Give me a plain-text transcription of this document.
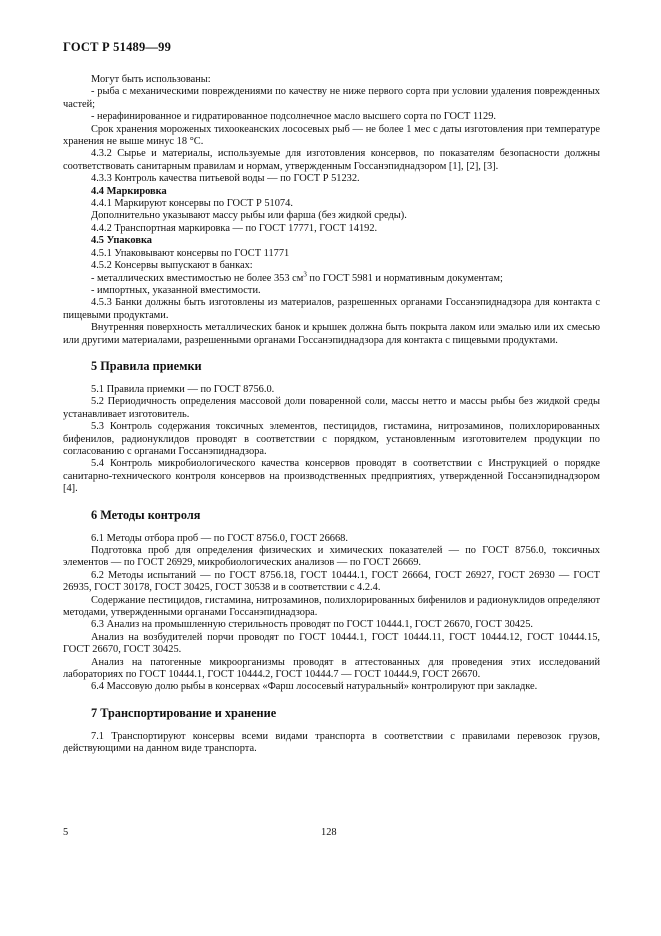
ГОСТ Р 51489—99

Могут быть использованы:

- рыба с механическими повреждениями по качеству не ниже первого сорта при условии удаления поврежденных частей;

- нерафинированное и гидратированное подсолнечное масло высшего сорта по ГОСТ 1129.

Срок хранения мороженых тихоокеанских лососевых рыб — не более 1 мес с даты изготовления при температуре хранения не выше минус 18 °С.

4.3.2 Сырье и материалы, используемые для изготовления консервов, по показателям безопасности должны соответствовать санитарным правилам и нормам, утвержденным Госсанэпиднадзором [1], [2], [3].

4.3.3 Контроль качества питьевой воды — по ГОСТ Р 51232.

4.4 Маркировка

4.4.1 Маркируют консервы по ГОСТ Р 51074.

Дополнительно указывают массу рыбы или фарша (без жидкой среды).

4.4.2 Транспортная маркировка — по ГОСТ 17771, ГОСТ 14192.

4.5 Упаковка

4.5.1 Упаковывают консервы по ГОСТ 11771

4.5.2 Консервы выпускают в банках:

- металлических вместимостью не более 353 $см^3$ по ГОСТ 5981 и нормативным документам;

- импортных, указанной вместимости.

4.5.3 Банки должны быть изготовлены из материалов, разрешенных органами Госсанэпиднадзора для контакта с пищевыми продуктами.

Внутренняя поверхность металлических банок и крышек должна быть покрыта лаком или эмалью или их смесью или другими материалами, разрешенными органами Госсанэпиднадзора для контакта с пищевыми продуктами.

5 Правила приемки

5.1 Правила приемки — по ГОСТ 8756.0.

5.2 Периодичность определения массовой доли поваренной соли, массы нетто и массы рыбы без жидкой среды устанавливает изготовитель.

5.3 Контроль содержания токсичных элементов, пестицидов, гистамина, нитрозаминов, полихлорированных бифенилов, радионуклидов проводят в соответствии с порядком, установленным изготовителем продукции по согласованию с органами Госсанэпиднадзора.

5.4 Контроль микробиологического качества консервов проводят в соответствии с Инструкцией о порядке санитарно-технического контроля консервов на производственных предприятиях, утвержденной Госсанэпиднадзором [4].

6 Методы контроля

6.1 Методы отбора проб — по ГОСТ 8756.0, ГОСТ 26668.

Подготовка проб для определения физических и химических показателей — по ГОСТ 8756.0, токсичных элементов — по ГОСТ 26929, микробиологических анализов — по ГОСТ 26669.

6.2 Методы испытаний — по ГОСТ 8756.18, ГОСТ 10444.1, ГОСТ 26664, ГОСТ 26927, ГОСТ 26930 — ГОСТ 26935, ГОСТ 30178, ГОСТ 30425, ГОСТ 30538 и в соответствии с 4.2.4.

Содержание пестицидов, гистамина, нитрозаминов, полихлорированных бифенилов и радионуклидов определяют методами, утвержденными органами Госсанэпиднадзора.

6.3 Анализ на промышленную стерильность проводят по ГОСТ 10444.1, ГОСТ 26670, ГОСТ 30425.

Анализ на возбудителей порчи проводят по ГОСТ 10444.1, ГОСТ 10444.11, ГОСТ 10444.12, ГОСТ 10444.15, ГОСТ 26670, ГОСТ 30425.

Анализ на патогенные микроорганизмы проводят в аттестованных для проведения этих исследований лабораториях по ГОСТ 10444.1, ГОСТ 10444.2, ГОСТ 10444.7 — ГОСТ 10444.9, ГОСТ 26670.

6.4 Массовую долю рыбы в консервах «Фарш лососевый натуральный» контролируют при закладке.

7 Транспортирование и хранение

7.1 Транспортируют консервы всеми видами транспорта в соответствии с правилами перевозок грузов, действующими на данном виде транспорта.

5	128
